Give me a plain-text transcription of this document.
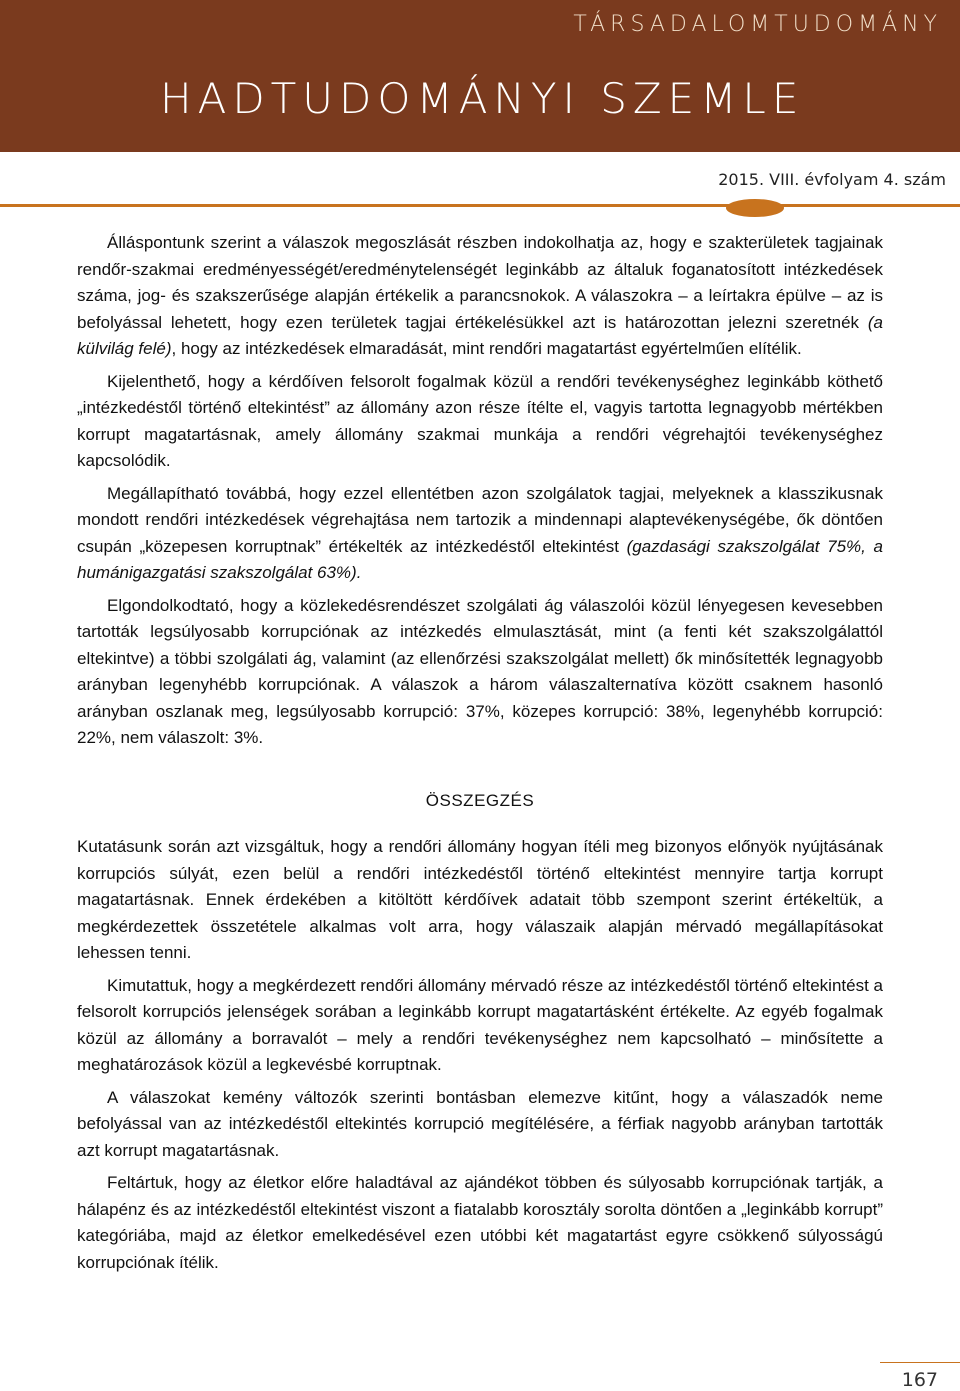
TÁRSADALOMTUDOMÁNY
HADTUDOMÁNYI SZEMLE
2015. VIII. évfolyam 4. szám

Álláspontunk szerint a válaszok megoszlását részben indokolhatja az, hogy e szakterületek tagjainak rendőr-szakmai eredményességét/eredménytelenségét leginkább az általuk foganatosított intézkedések száma, jog- és szakszerűsége alapján értékelik a parancsnokok. A válaszokra – a leírtakra épülve – az is befolyással lehetett, hogy ezen területek tagjai értékelésükkel azt is határozottan jelezni szeretnék (a külvilág felé), hogy az intézkedések elmaradását, mint rendőri magatartást egyértelműen elítélik.

Kijelenthető, hogy a kérdőíven felsorolt fogalmak közül a rendőri tevékenységhez leginkább köthető „intézkedéstől történő eltekintést” az állomány azon része ítélte el, vagyis tartotta legnagyobb mértékben korrupt magatartásnak, amely állomány szakmai munkája a rendőri végrehajtói tevékenységhez kapcsolódik.

Megállapítható továbbá, hogy ezzel ellentétben azon szolgálatok tagjai, melyeknek a klasszikusnak mondott rendőri intézkedések végrehajtása nem tartozik a mindennapi alaptevékenységébe, ők döntően csupán „közepesen korruptnak” értékelték az intézkedéstől eltekintést (gazdasági szakszolgálat 75%, a humánigazgatási szakszolgálat 63%).

Elgondolkodtató, hogy a közlekedésrendészet szolgálati ág válaszolói közül lényegesen kevesebben tartották legsúlyosabb korrupciónak az intézkedés elmulasztását, mint (a fenti két szakszolgálattól eltekintve) a többi szolgálati ág, valamint (az ellenőrzési szakszolgálat mellett) ők minősítették legnagyobb arányban legenyhébb korrupciónak. A válaszok a három válaszalternatíva között csaknem hasonló arányban oszlanak meg, legsúlyosabb korrupció: 37%, közepes korrupció: 38%, legenyhébb korrupció: 22%, nem válaszolt: 3%.

ÖSSZEGZÉS

Kutatásunk során azt vizsgáltuk, hogy a rendőri állomány hogyan ítéli meg bizonyos előnyök nyújtásának korrupciós súlyát, ezen belül a rendőri intézkedéstől történő eltekintést mennyire tartja korrupt magatartásnak. Ennek érdekében a kitöltött kérdőívek adatait több szempont szerint értékeltük, a megkérdezettek összetétele alkalmas volt arra, hogy válaszaik alapján mérvadó megállapításokat lehessen tenni.

Kimutattuk, hogy a megkérdezett rendőri állomány mérvadó része az intézkedéstől történő eltekintést a felsorolt korrupciós jelenségek sorában a leginkább korrupt magatartásként értékelte. Az egyéb fogalmak közül az állomány a borravalót – mely a rendőri tevékenységhez nem kapcsolható – minősítette a meghatározások közül a legkevésbé korruptnak.

A válaszokat kemény változók szerinti bontásban elemezve kitűnt, hogy a válaszadók neme befolyással van az intézkedéstől eltekintés korrupció megítélésére, a férfiak nagyobb arányban tartották azt korrupt magatartásnak.

Feltártuk, hogy az életkor előre haladtával az ajándékot többen és súlyosabb korrupciónak tartják, a hálapénz és az intézkedéstől eltekintést viszont a fiatalabb korosztály sorolta döntően a „leginkább korrupt” kategóriába, majd az életkor emelkedésével ezen utóbbi két magatartást egyre csökkenő súlyosságú korrupciónak ítélik.

167
